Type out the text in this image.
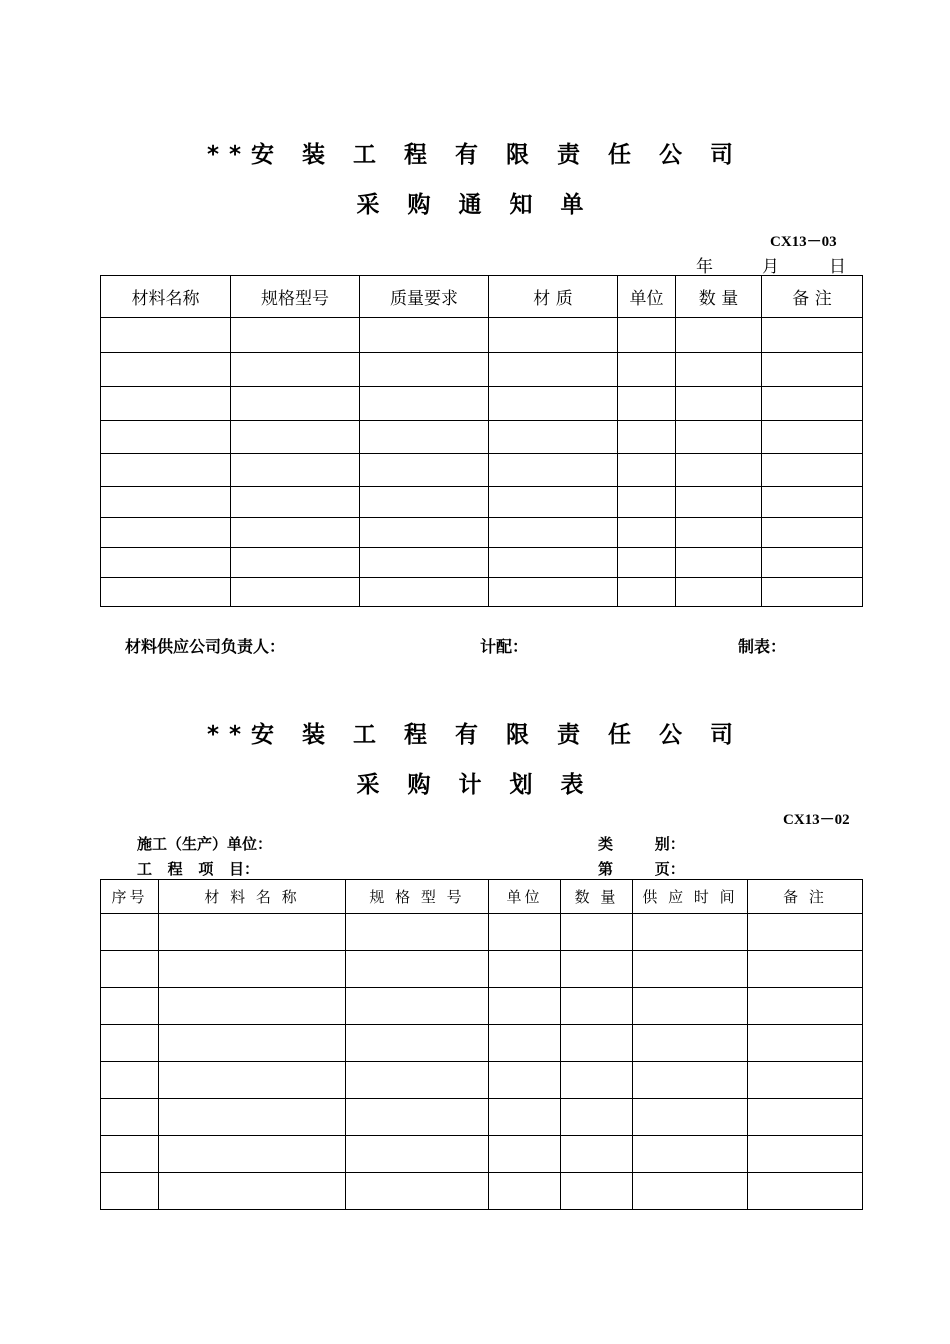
**安 装 工 程 有 限 责 任 公 司
采 购 通 知 单
CX13－03
年	月	日
材料名称	规格型号	质量要求	材 质	单位	数 量	备 注

材料供应公司负责人：	计配：	制表：
**安 装 工 程 有 限 责 任 公 司
采 购 计 划 表
CX13－02
施工（生产）单位：
工   程   项   目：
类        别：
第        页：
序号	材 料 名 称	规 格 型 号	单位	数 量	供 应 时 间	备 注
